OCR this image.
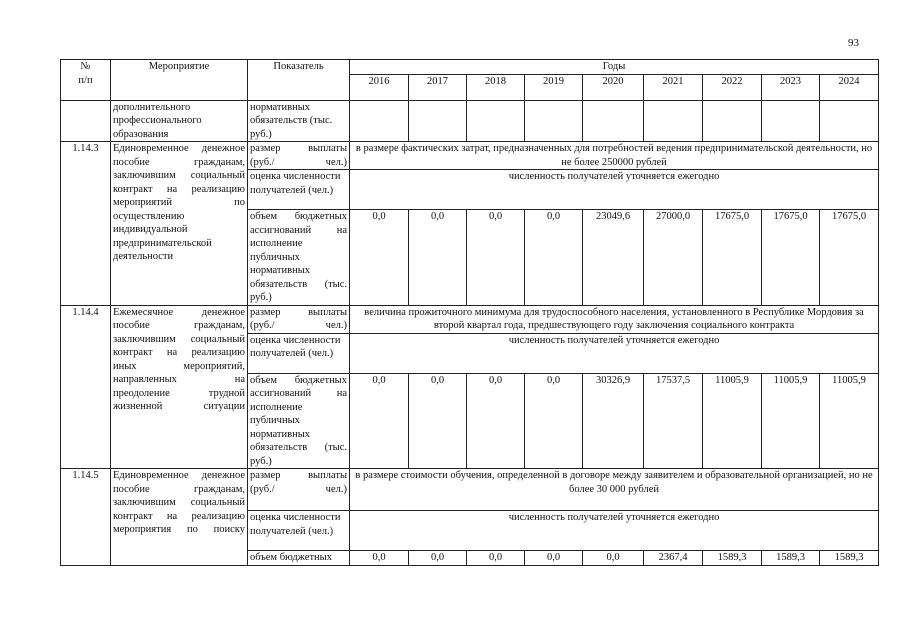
93
№
п/п	Мероприятие	Показатель	Годы								
			2016	2017	2018	2019	2020	2021	2022	2023	2024
	дополнительного профессионального образования	нормативных обязательств (тыс. руб.)									
1.14.3	Единовременное денежное пособие гражданам, заключившим социальный контракт на реализацию мероприятий по осуществлению индивидуальной предпринимательской деятельности	размер выплаты (руб./ чел.)	в размере фактических затрат, предназначенных для потребностей ведения предпринимательской деятельности, но не более 250000 рублей								
		оценка численности получателей (чел.)	численность получателей уточняется ежегодно								
		объем бюджетных ассигнований на исполнение публичных нормативных обязательств (тыс. руб.)	0,0	0,0	0,0	0,0	23049,6	27000,0	17675,0	17675,0	17675,0
1.14.4	Ежемесячное денежное пособие гражданам, заключившим социальный контракт на реализацию иных мероприятий, направленных на преодоление трудной жизненной ситуации	размер выплаты (руб./ чел.)	величина прожиточного минимума для трудоспособного населения, установленного в Республике Мордовия за второй квартал года, предшествующего году заключения социального контракта								
		оценка численности получателей (чел.)	численность получателей уточняется ежегодно								
		объем бюджетных ассигнований на исполнение публичных нормативных обязательств (тыс. руб.)	0,0	0,0	0,0	0,0	30326,9	17537,5	11005,9	11005,9	11005,9
1.14.5	Единовременное денежное пособие гражданам, заключившим социальный контракт на реализацию мероприятия по поиску	размер выплаты (руб./ чел.)	в размере стоимости обучения, определенной в договоре между заявителем и образовательной организацией, но не более 30 000 рублей								
		оценка численности получателей (чел.)	численность получателей уточняется ежегодно								
		объем бюджетных	0,0	0,0	0,0	0,0	0,0	2367,4	1589,3	1589,3	1589,3
